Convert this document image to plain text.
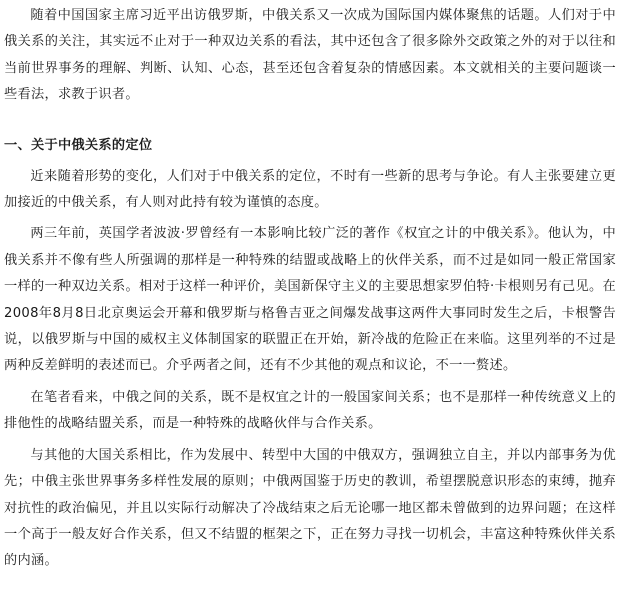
随着中国国家主席习近平出访俄罗斯，中俄关系又一次成为国际国内媒体聚焦的话题。人们对于中俄关系的关注，其实远不止对于一种双边关系的看法，其中还包含了很多除外交政策之外的对于以往和当前世界事务的理解、判断、认知、心态，甚至还包含着复杂的情感因素。本文就相关的主要问题谈一些看法，求教于识者。

一、关于中俄关系的定位

近来随着形势的变化，人们对于中俄关系的定位，不时有一些新的思考与争论。有人主张要建立更加接近的中俄关系，有人则对此持有较为谨慎的态度。

两三年前，英国学者波波·罗曾经有一本影响比较广泛的著作《权宜之计的中俄关系》。他认为，中俄关系并不像有些人所强调的那样是一种特殊的结盟或战略上的伙伴关系，而不过是如同一般正常国家一样的一种双边关系。相对于这样一种评价，美国新保守主义的主要思想家罗伯特·卡根则另有己见。在2008年8月8日北京奥运会开幕和俄罗斯与格鲁吉亚之间爆发战事这两件大事同时发生之后，卡根警告说，以俄罗斯与中国的威权主义体制国家的联盟正在开始，新冷战的危险正在来临。这里列举的不过是两种反差鲜明的表述而已。介乎两者之间，还有不少其他的观点和议论，不一一赘述。

在笔者看来，中俄之间的关系，既不是权宜之计的一般国家间关系；也不是那样一种传统意义上的排他性的战略结盟关系，而是一种特殊的战略伙伴与合作关系。

与其他的大国关系相比，作为发展中、转型中大国的中俄双方，强调独立自主，并以内部事务为优先；中俄主张世界事务多样性发展的原则；中俄两国鉴于历史的教训，希望摆脱意识形态的束缚，抛弃对抗性的政治偏见，并且以实际行动解决了冷战结束之后无论哪一地区都未曾做到的边界问题；在这样一个高于一般友好合作关系，但又不结盟的框架之下，正在努力寻找一切机会，丰富这种特殊伙伴关系的内涵。
